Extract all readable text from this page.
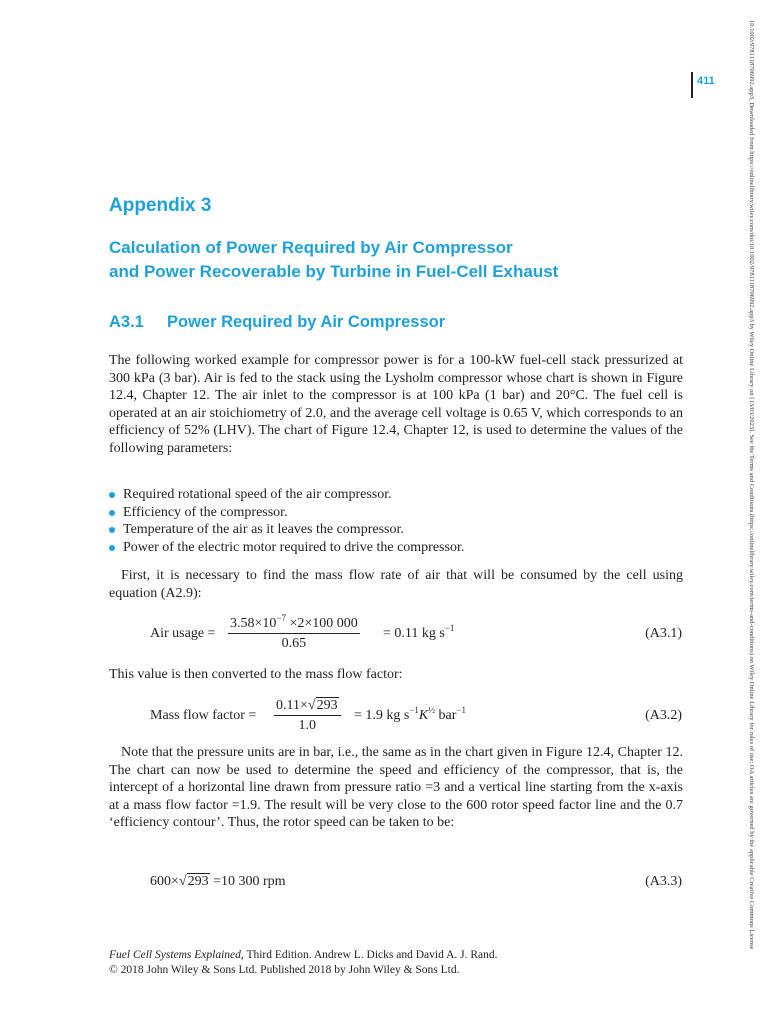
411	10.1002/9781118706992.app3, Downloaded from https://onlinelibrary.wiley.com/doi/10.1002/9781118706992.app3 by Wiley Online Library on [13/03/2023]. See the Terms and Conditions (https://onlinelibrary.wiley.com/terms-and-conditions) on Wiley Online Library for rules of use; OA articles are governed by the applicable Creative Commons License
Appendix 3
Calculation of Power Required by Air Compressor
and Power Recoverable by Turbine in Fuel-Cell Exhaust
A3.1 Power Required by Air Compressor
The following worked example for compressor power is for a 100-kW fuel-cell stack pressurized at 300 kPa (3 bar). Air is fed to the stack using the Lysholm compressor whose chart is shown in Figure 12.4, Chapter 12. The air inlet to the compressor is at 100 kPa (1 bar) and 20°C. The fuel cell is operated at an air stoichiometry of 2.0, and the average cell voltage is 0.65 V, which corresponds to an efficiency of 52% (LHV). The chart of Figure 12.4, Chapter 12, is used to determine the values of the following parameters:
Required rotational speed of the air compressor.
Efficiency of the compressor.
Temperature of the air as it leaves the compressor.
Power of the electric motor required to drive the compressor.
First, it is necessary to find the mass flow rate of air that will be consumed by the cell using equation (A2.9):
Air usage =
$3.58\times 10^{-7} \times 2\times 100$ 000
0.65
= 0.11 kg $s^{-1}$	(A3.1)
This value is then converted to the mass flow factor:
Mass flow factor =
0.11×√293
1.0
= 1.9 kg $s^{-1}K^{\frac{1}{2}}$ bar$^{-1}$	(A3.2)
Note that the pressure units are in bar, i.e., the same as in the chart given in Figure 12.4, Chapter 12. The chart can now be used to determine the speed and efficiency of the compressor, that is, the intercept of a horizontal line drawn from pressure ratio =3 and a vertical line starting from the x-axis at a mass flow factor =1.9. The result will be very close to the 600 rotor speed factor line and the 0.7 ‘efficiency contour’. Thus, the rotor speed can be taken to be:
600×√293 =10 300 rpm	(A3.3)
Fuel Cell Systems Explained, Third Edition. Andrew L. Dicks and David A. J. Rand.
© 2018 John Wiley & Sons Ltd. Published 2018 by John Wiley & Sons Ltd.
